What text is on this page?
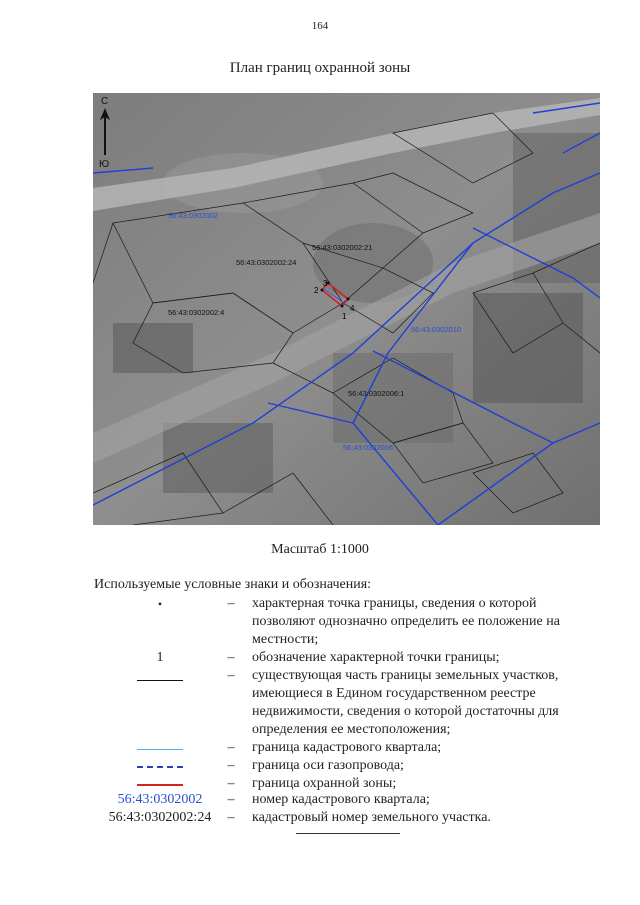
164
План границ охранной зоны
1
2
3
4
56:43:0302002
56:43:0302002:21
56:43:0302002:24
56:43:0302002:4
56:43:0302010
56:43:0302006:1
56:43:0302006
С
Ю
Масштаб 1:1000
Используемые условные знаки и обозначения:
•	– характерная точка границы, сведения о которой позволяют однозначно определить ее положение на местности;
1	– обозначение характерной точки границы;
– существующая часть границы земельных участков, имеющиеся в Едином государственном реестре недвижимости, сведения о которой достаточны для определения ее местоположения;
– граница кадастрового квартала;
– граница оси газопровода;
– граница охранной зоны;
56:43:0302002	– номер кадастрового квартала;
56:43:0302002:24	– кадастровый номер земельного участка.
